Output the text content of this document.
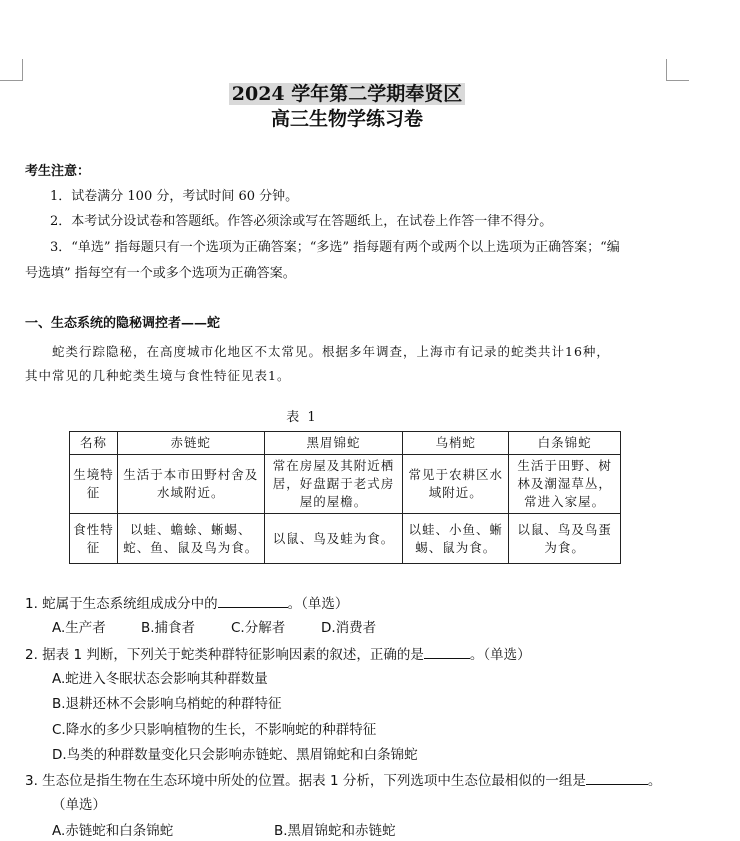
2024 学年第二学期奉贤区
高三生物学练习卷
考生注意：
1．试卷满分 100 分，考试时间 60 分钟。
2．本考试分设试卷和答题纸。作答必须涂或写在答题纸上，在试卷上作答一律不得分。
3．“单选” 指每题只有一个选项为正确答案；“多选” 指每题有两个或两个以上选项为正确答案；“编
号选填” 指每空有一个或多个选项为正确答案。
一、生态系统的隐秘调控者——蛇
蛇类行踪隐秘，在高度城市化地区不太常见。根据多年调查，上海市有记录的蛇类共计16种，
其中常见的几种蛇类生境与食性特征见表1。
表 1
名称	赤链蛇	黑眉锦蛇	乌梢蛇	白条锦蛇
生境特征	生活于本市田野村舍及水域附近。	常在房屋及其附近栖居，好盘踞于老式房屋的屋檐。	常见于农耕区水域附近。	生活于田野、树林及潮湿草丛，常进入家屋。
食性特征	以蛙、蟾蜍、蜥蜴、蛇、鱼、鼠及鸟为食。	以鼠、鸟及蛙为食。	以蛙、小鱼、蜥蜴、鼠为食。	以鼠、鸟及鸟蛋为食。
1. 蛇属于生态系统组成成分中的	。（单选）
A.生产者	B.捕食者	C.分解者	D.消费者
2. 据表 1 判断，下列关于蛇类种群特征影响因素的叙述，正确的是	。（单选）
A.蛇进入冬眠状态会影响其种群数量
B.退耕还林不会影响乌梢蛇的种群特征
C.降水的多少只影响植物的生长，不影响蛇的种群特征
D.鸟类的种群数量变化只会影响赤链蛇、黑眉锦蛇和白条锦蛇
3. 生态位是指生物在生态环境中所处的位置。据表 1 分析，下列选项中生态位最相似的一组是	。
（单选）
A.赤链蛇和白条锦蛇	B.黑眉锦蛇和赤链蛇
